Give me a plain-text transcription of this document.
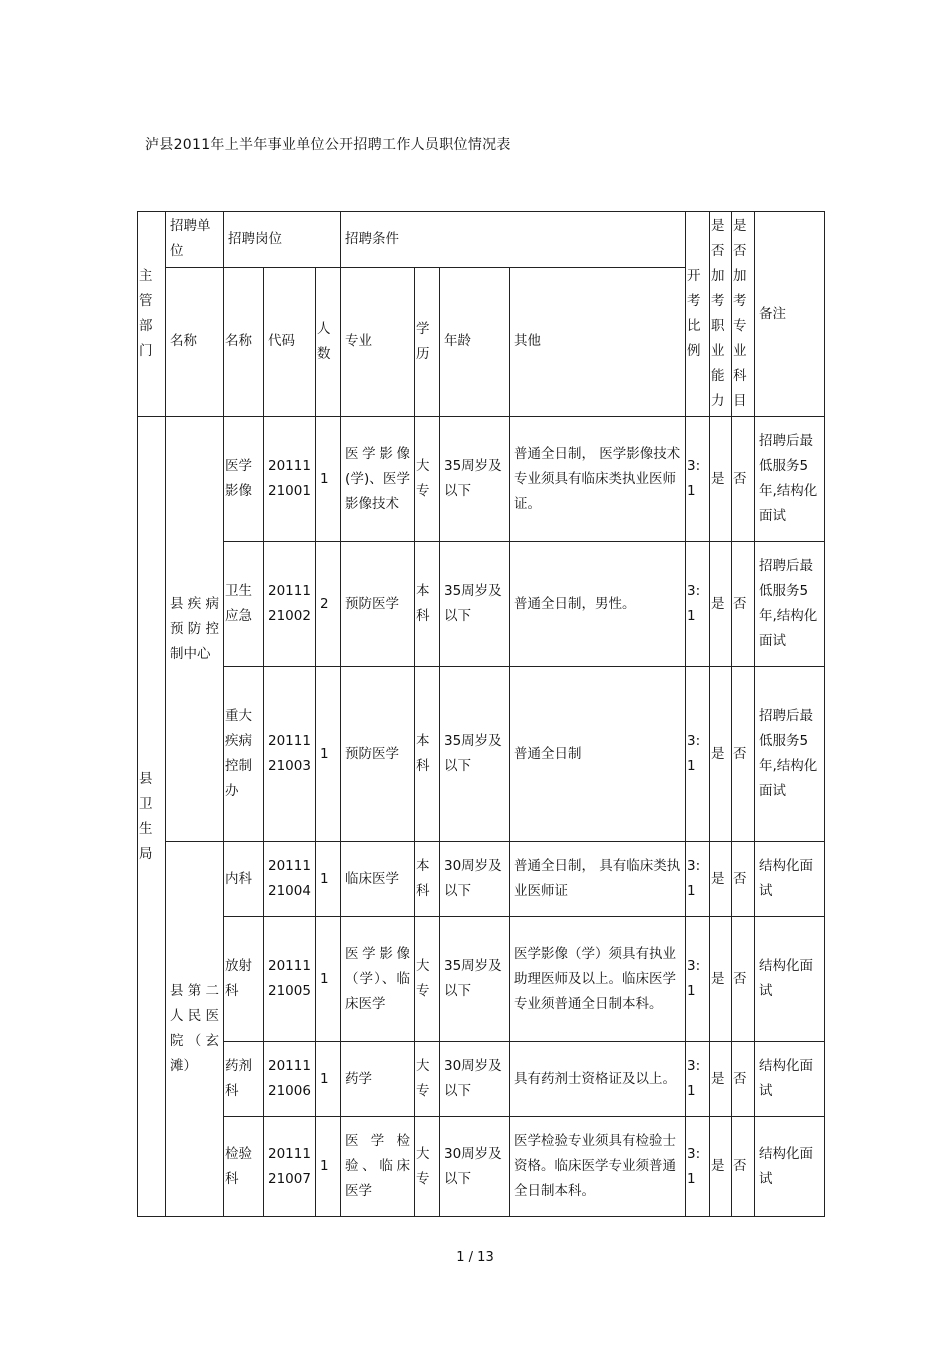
泸县2011年上半年事业单位公开招聘工作人员职位情况表
主管部门	招聘单位	招聘岗位			招聘条件				开考比例	是否加考职业能力	是否加考专业科目	备注
	名称	名称	代码	人数	专业	学历	年龄	其他				
县卫生局	县疾病预防控制中心	医学影像	2011121001	1	医学影像(学)、医学影像技术	大专	35周岁及以下	普通全日制， 医学影像技术专业须具有临床类执业医师证。	3:1	是	否	招聘后最低服务5年,结构化面试
		卫生应急	2011121002	2	预防医学	本科	35周岁及以下	普通全日制，男性。	3:1	是	否	招聘后最低服务5年,结构化面试
		重大疾病控制办	2011121003	1	预防医学	本科	35周岁及以下	普通全日制	3:1	是	否	招聘后最低服务5年,结构化面试
	县第二人民医院（玄滩）	内科	2011121004	1	临床医学	本科	30周岁及以下	普通全日制， 具有临床类执业医师证	3:1	是	否	结构化面试
		放射科	2011121005	1	医学影像（学）、临床医学	大专	35周岁及以下	医学影像（学）须具有执业助理医师及以上。临床医学专业须普通全日制本科。	3:1	是	否	结构化面试
		药剂科	2011121006	1	药学	大专	30周岁及以下	具有药剂士资格证及以上。	3:1	是	否	结构化面试
		检验科	2011121007	1	医学检验、临床医学	大专	30周岁及以下	医学检验专业须具有检验士资格。临床医学专业须普通全日制本科。	3:1	是	否	结构化面试
1 / 13
